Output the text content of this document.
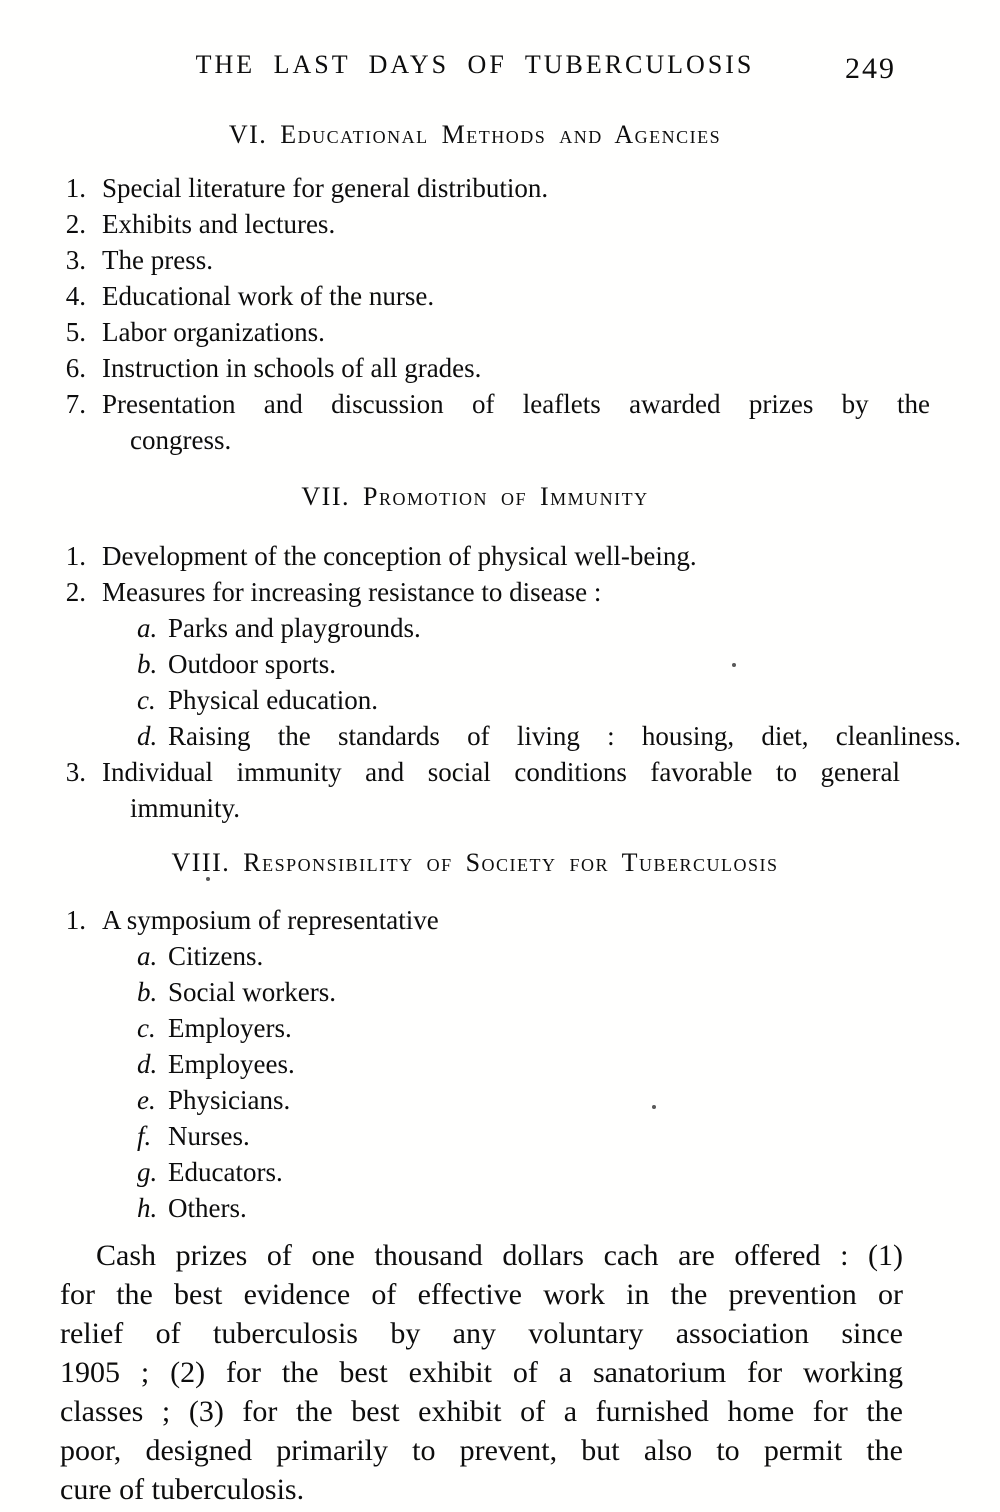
THE LAST DAYS OF TUBERCULOSIS	249
VI. Educational Methods and Agencies
1. Special literature for general distribution.
2. Exhibits and lectures.
3. The press.
4. Educational work of the nurse.
5. Labor organizations.
6. Instruction in schools of all grades.
7. Presentation and discussion of leaflets awarded prizes by the
congress.
VII. Promotion of Immunity
1. Development of the conception of physical well-being.
2. Measures for increasing resistance to disease :
a. Parks and playgrounds.
b. Outdoor sports.
c. Physical education.
d. Raising the standards of living : housing, diet, cleanliness.
3. Individual immunity and social conditions favorable to general
immunity.
VIII. Responsibility of Society for Tuberculosis
1. A symposium of representative
a. Citizens.
b. Social workers.
c. Employers.
d. Employees.
e. Physicians.
f. Nurses.
g. Educators.
h. Others.
Cash prizes of one thousand dollars cach are offered : (1)
for the best evidence of effective work in the prevention or
relief of tuberculosis by any voluntary association since
1905 ; (2) for the best exhibit of a sanatorium for working
classes ; (3) for the best exhibit of a furnished home for the
poor, designed primarily to prevent, but also to permit the
cure of tuberculosis.
